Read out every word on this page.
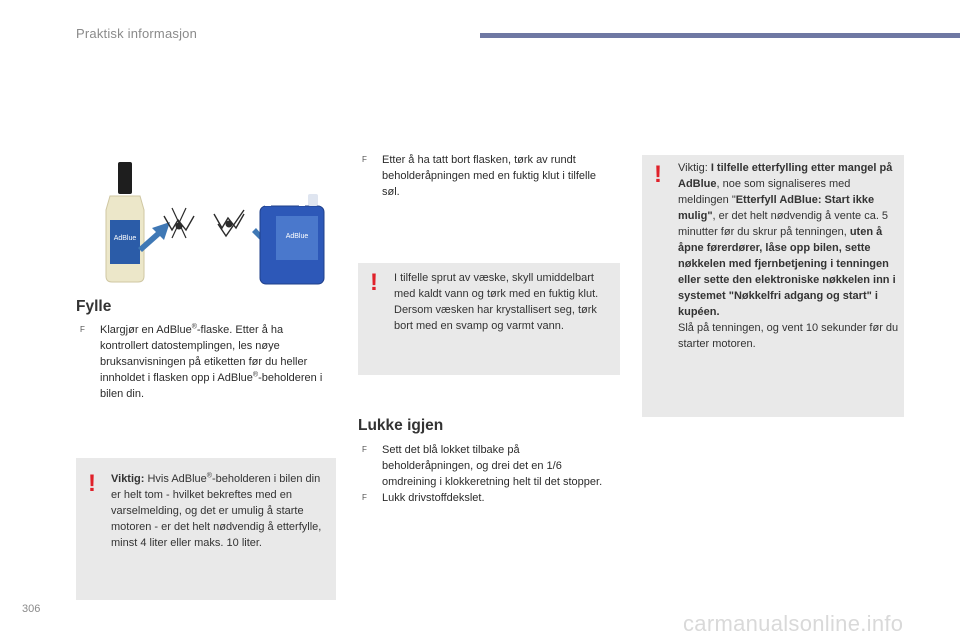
Praktisk informasjon
AdBlue	AdBlue
Fylle
F Klargjør en AdBlue®-flaske. Etter å ha kontrollert datostemplingen, les nøye bruksanvisningen på etiketten før du heller innholdet i flasken opp i AdBlue®-beholderen i bilen din.
! Viktig: Hvis AdBlue®-beholderen i bilen din er helt tom - hvilket bekreftes med en varselmelding, og det er umulig å starte motoren - er det helt nødvendig å etterfylle, minst 4 liter eller maks. 10 liter.
F Etter å ha tatt bort flasken, tørk av rundt beholderåpningen med en fuktig klut i tilfelle søl.
! I tilfelle sprut av væske, skyll umiddelbart med kaldt vann og tørk med en fuktig klut.
Dersom væsken har krystallisert seg, tørk bort med en svamp og varmt vann.
Lukke igjen
F Sett det blå lokket tilbake på beholderåpningen, og drei det en 1/6 omdreining i klokkeretning helt til det stopper.
F Lukk drivstoffdekslet.
! Viktig: I tilfelle etterfylling etter mangel på AdBlue, noe som signaliseres med meldingen "Etterfyll AdBlue: Start ikke mulig", er det helt nødvendig å vente ca. 5 minutter før du skrur på tenningen, uten å åpne førerdører, låse opp bilen, sette nøkkelen med fjernbetjening i tenningen eller sette den elektroniske nøkkelen inn i systemet "Nøkkelfri adgang og start" i kupéen.
Slå på tenningen, og vent 10 sekunder før du starter motoren.
306
carmanualsonline.info
